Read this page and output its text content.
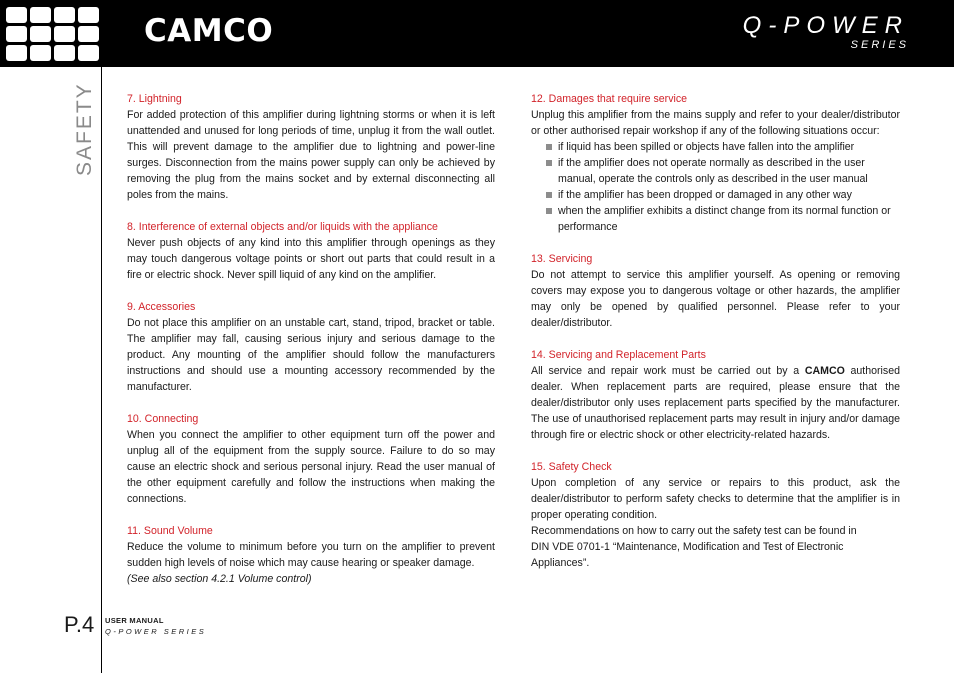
CAMCO	Q-POWER
SERIES
SAFETY
P.4 USER MANUAL
Q-POWER SERIES
7. Lightning
For added protection of this amplifier during lightning storms or when it is left unattended and unused for long periods of time, unplug it from the wall outlet. This will prevent damage to the amplifier due to lightning and power-line surges. Disconnection from the mains power supply can only be achieved by removing the plug from the mains socket and by external disconnecting all poles from the mains.
8. Interference of external objects and/or liquids with the appliance
Never push objects of any kind into this amplifier through openings as they may touch dangerous voltage points or short out parts that could result in a fire or electric shock. Never spill liquid of any kind on the amplifier.
9. Accessories
Do not place this amplifier on an unstable cart, stand, tripod, bracket or table. The amplifier may fall, causing serious injury and serious damage to the product. Any mounting of the amplifier should follow the manufacturers instructions and should use a mounting accessory recommended by the manufacturer.
10. Connecting
When you connect the amplifier to other equipment turn off the power and unplug all of the equipment from the supply source. Failure to do so may cause an electric shock and serious personal injury. Read the user manual of the other equipment carefully and follow the instructions when making the connections.
11. Sound Volume
Reduce the volume to minimum before you turn on the amplifier to prevent sudden high levels of noise which may cause hearing or speaker damage.
(See also section 4.2.1 Volume control)
12. Damages that require service
Unplug this amplifier from the mains supply and refer to your dealer/distributor or other authorised repair workshop if any of the following situations occur:
if liquid has been spilled or objects have fallen into the amplifier
if the amplifier does not operate normally as described in the user manual, operate the controls only as described in the user manual
if the amplifier has been dropped or damaged in any other way
when the amplifier exhibits a distinct change from its normal function or performance
13. Servicing
Do not attempt to service this amplifier yourself. As opening or removing covers may expose you to dangerous voltage or other hazards, the amplifier may only be opened by qualified personnel. Please refer to your dealer/distributor.
14. Servicing and Replacement Parts
All service and repair work must be carried out by a CAMCO authorised dealer. When replacement parts are required, please ensure that the dealer/distributor only uses replacement parts specified by the manufacturer. The use of unauthorised replacement parts may result in injury and/or damage through fire or electric shock or other electricity-related hazards.
15. Safety Check
Upon completion of any service or repairs to this product, ask the dealer/distributor to perform safety checks to determine that the amplifier is in proper operating condition.
Recommendations on how to carry out the safety test can be found in
DIN VDE 0701-1 “Maintenance, Modification and Test of Electronic Appliances”.
